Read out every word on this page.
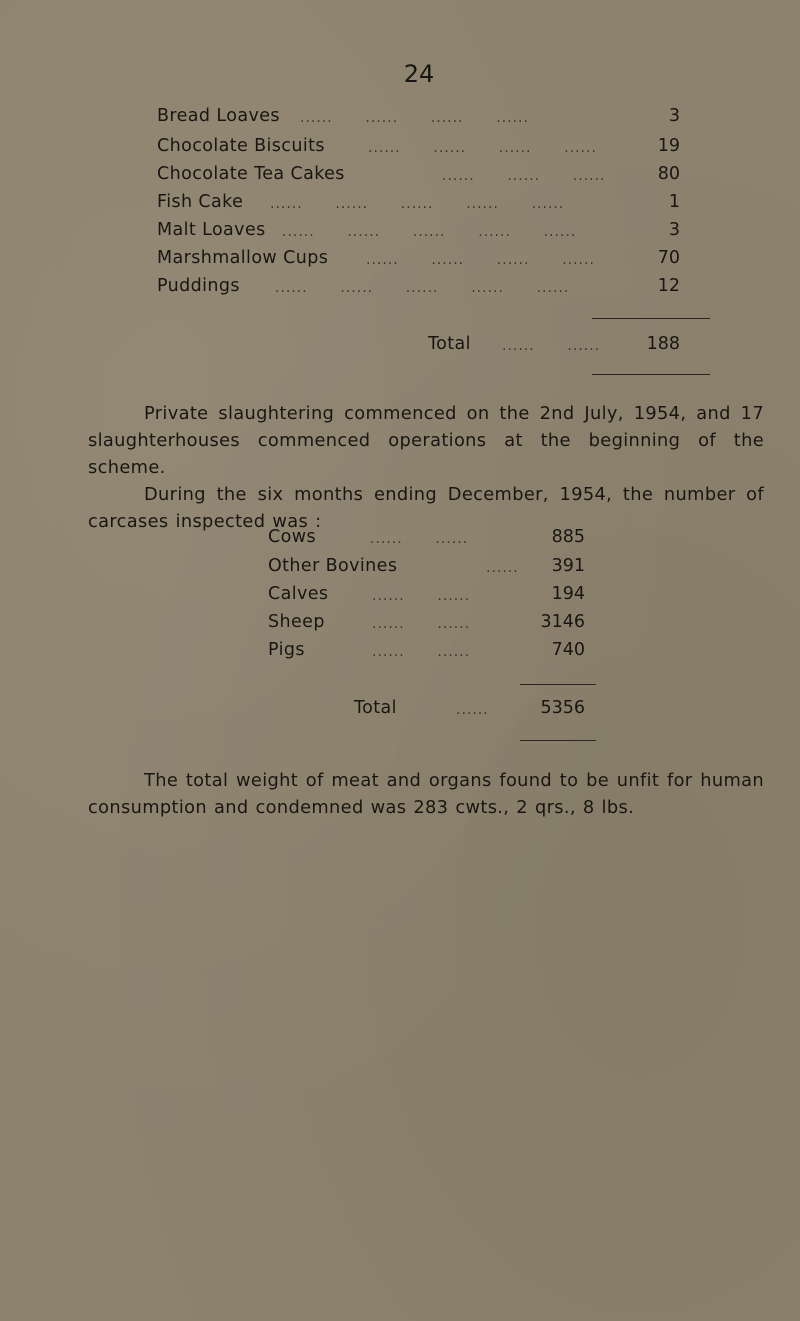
24
Bread Loaves	3
Chocolate Biscuits	19
Chocolate Tea Cakes	80
Fish Cake	1
Malt Loaves	3
Marshmallow Cups	70
Puddings	12
......      ......      ......      ......
......      ......      ......      ......
......      ......      ......
......      ......      ......      ......      ......
......      ......      ......      ......      ......
......      ......      ......      ......
......      ......      ......      ......      ......
Total ......      ......	188

Private slaughtering commenced on the 2nd July, 1954, and 17 slaughterhouses commenced operations at the beginning of the scheme.

During the six months ending December, 1954, the number of carcases inspected was :

Cows	885
Other Bovines	391
Calves	194
Sheep	3146
Pigs	740
......      ......
......
......      ......
......      ......
......      ......
Total	......	5356

The total weight of meat and organs found to be unfit for human consumption and condemned was 283 cwts., 2 qrs., 8 lbs.
